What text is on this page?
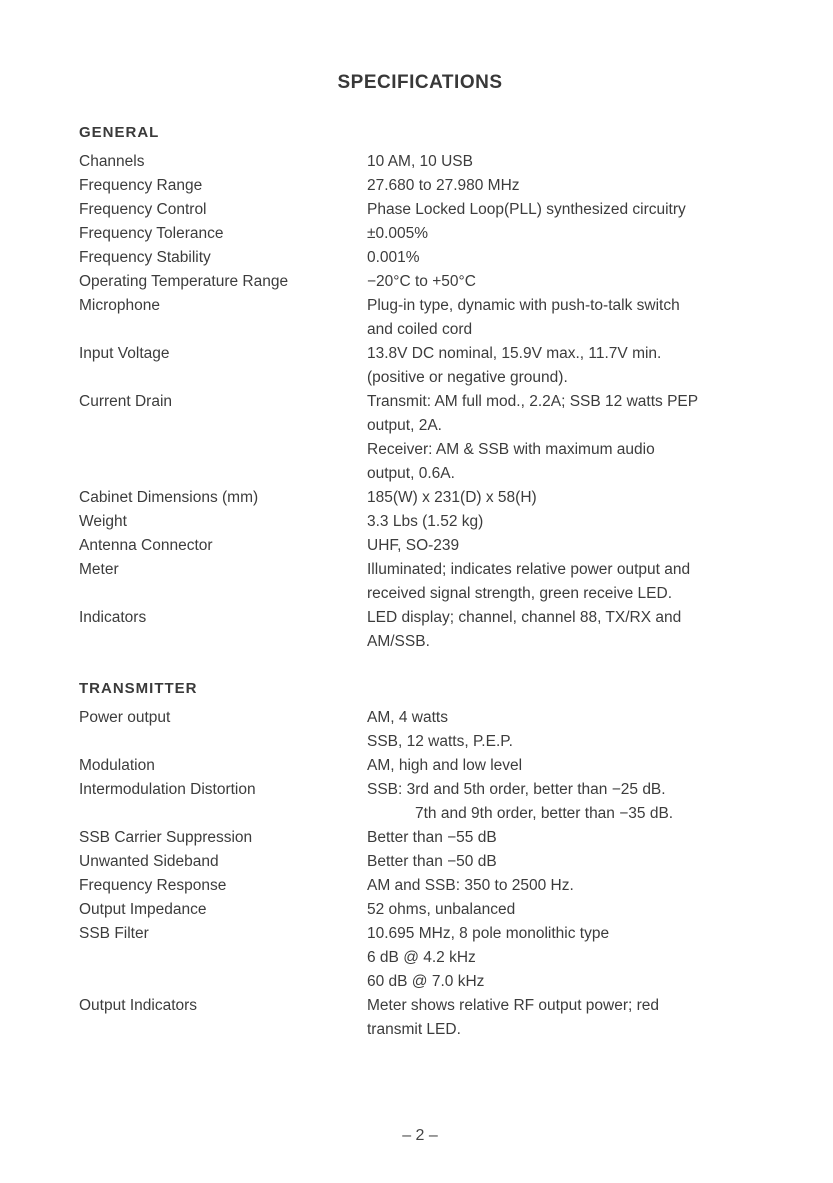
SPECIFICATIONS
GENERAL
Channels	10 AM, 10 USB
Frequency Range	27.680 to 27.980 MHz
Frequency Control	Phase Locked Loop(PLL) synthesized circuitry
Frequency Tolerance	±0.005%
Frequency Stability	0.001%
Operating Temperature Range	−20°C to +50°C
Microphone	Plug-in type, dynamic with push-to-talk switch
and coiled cord
Input Voltage	13.8V DC nominal, 15.9V max., 11.7V min.
(positive or negative ground).
Current Drain	Transmit: AM full mod., 2.2A; SSB 12 watts PEP
output, 2A.
Receiver: AM & SSB with maximum audio
output, 0.6A.
Cabinet Dimensions (mm)	185(W) x 231(D) x 58(H)
Weight	3.3 Lbs (1.52 kg)
Antenna Connector	UHF, SO-239
Meter	Illuminated; indicates relative power output and
received signal strength, green receive LED.
Indicators	LED display; channel, channel 88, TX/RX and
AM/SSB.
TRANSMITTER
Power output	AM, 4 watts
SSB, 12 watts, P.E.P.
Modulation	AM, high and low level
Intermodulation Distortion	SSB: 3rd and 5th order, better than −25 dB.
7th and 9th order, better than −35 dB.
SSB Carrier Suppression	Better than −55 dB
Unwanted Sideband	Better than −50 dB
Frequency Response	AM and SSB: 350 to 2500 Hz.
Output Impedance	52 ohms, unbalanced
SSB Filter	10.695 MHz, 8 pole monolithic type
6 dB @ 4.2 kHz
60 dB @ 7.0 kHz
Output Indicators	Meter shows relative RF output power; red
transmit LED.
– 2 –
